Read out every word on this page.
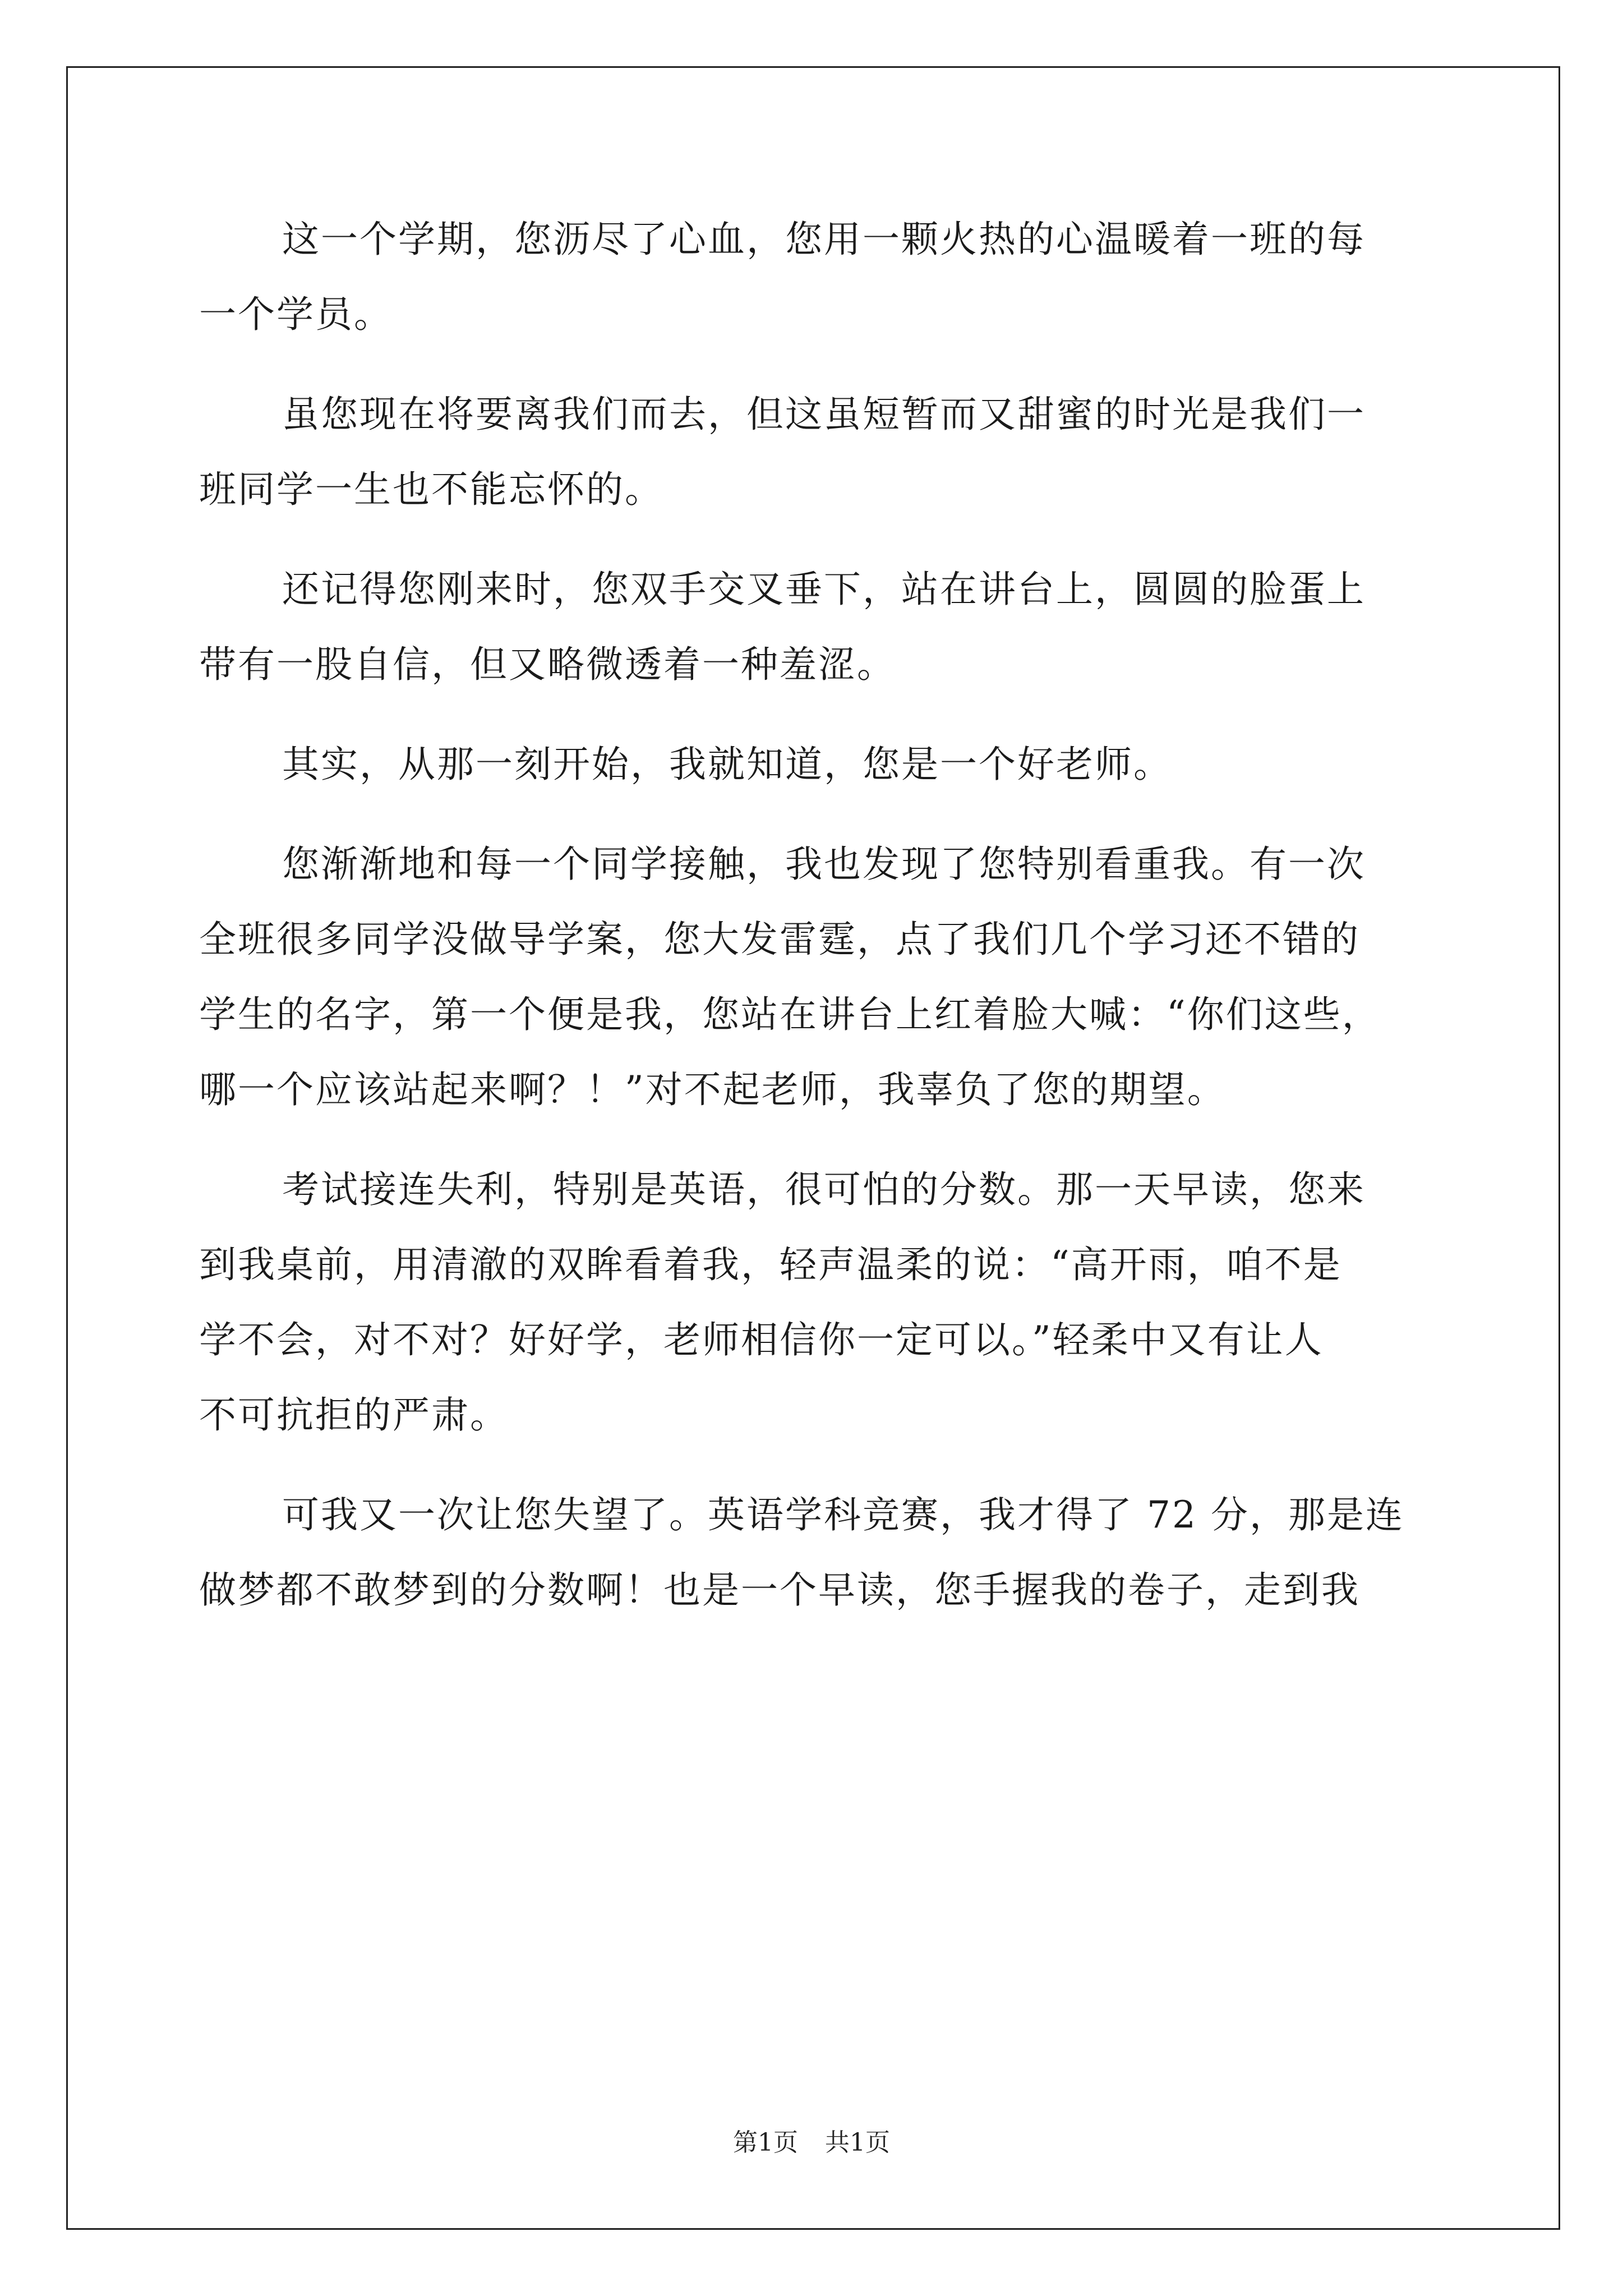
这一个学期，您沥尽了心血，您用一颗火热的心温暖着一班的每
一个学员。

虽您现在将要离我们而去，但这虽短暂而又甜蜜的时光是我们一
班同学一生也不能忘怀的。

还记得您刚来时，您双手交叉垂下，站在讲台上，圆圆的脸蛋上
带有一股自信，但又略微透着一种羞涩。

其实，从那一刻开始，我就知道，您是一个好老师。

您渐渐地和每一个同学接触，我也发现了您特别看重我。有一次
全班很多同学没做导学案，您大发雷霆，点了我们几个学习还不错的
学生的名字，第一个便是我，您站在讲台上红着脸大喊：“你们这些，
哪一个应该站起来啊？！”对不起老师，我辜负了您的期望。

考试接连失利，特别是英语，很可怕的分数。那一天早读，您来
到我桌前，用清澈的双眸看着我，轻声温柔的说：“高开雨，咱不是
学不会，对不对？好好学，老师相信你一定可以。”轻柔中又有让人
不可抗拒的严肃。

可我又一次让您失望了。英语学科竞赛，我才得了 72 分，那是连
做梦都不敢梦到的分数啊！也是一个早读，您手握我的卷子，走到我

第1页 共1页
